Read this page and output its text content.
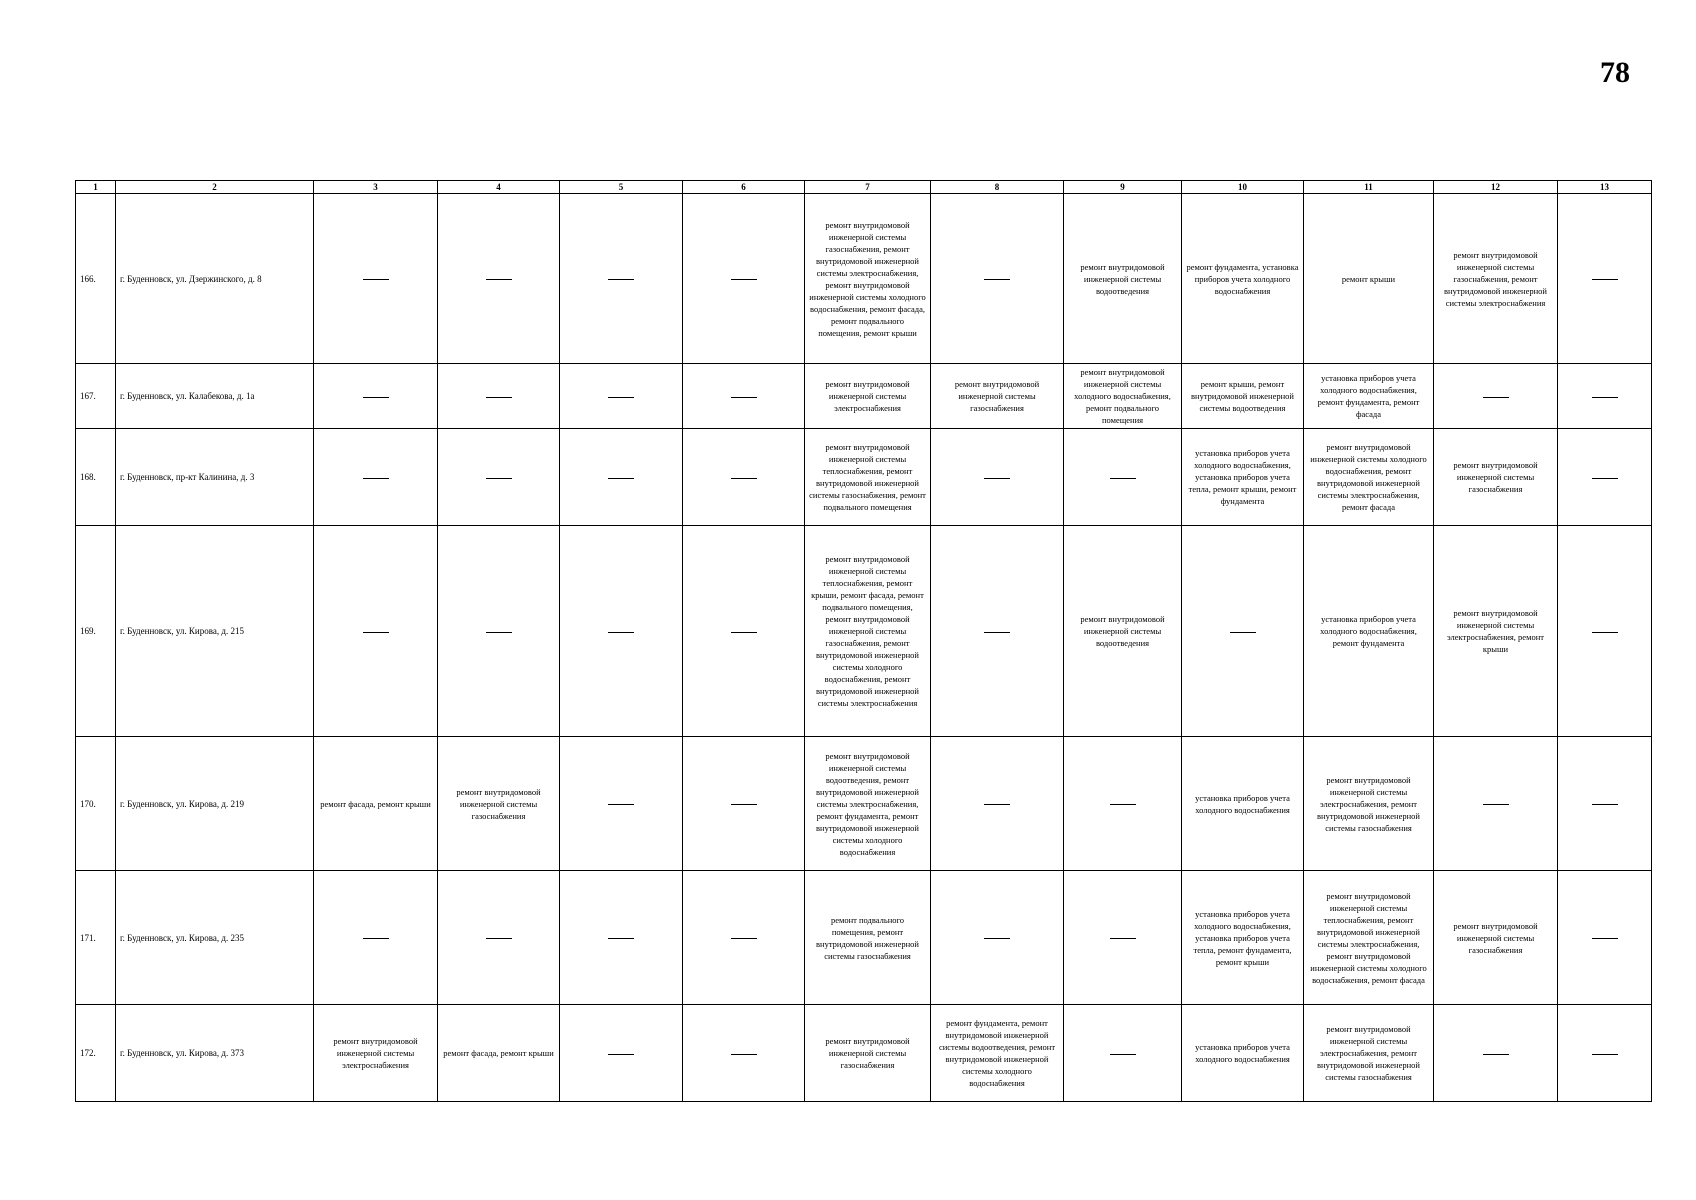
78
1	2	3	4	5	6	7	8	9	10	11	12	13
166.	г. Буденновск, ул. Дзержинского, д. 8					ремонт внутридомовой инженерной системы газоснабжения, ремонт внутридомовой инженерной системы электроснабжения, ремонт внутридомовой инженерной системы холодного водоснабжения, ремонт фасада, ремонт подвального помещения, ремонт крыши		ремонт внутридомовой инженерной системы водоотведения	ремонт фундамента, установка приборов учета холодного водоснабжения	ремонт крыши	ремонт внутридомовой инженерной системы газоснабжения, ремонт внутридомовой инженерной системы электроснабжения	
167.	г. Буденновск, ул. Калабекова, д. 1а					ремонт внутридомовой инженерной системы электроснабжения	ремонт внутридомовой инженерной системы газоснабжения	ремонт внутридомовой инженерной системы холодного водоснабжения, ремонт подвального помещения	ремонт крыши, ремонт внутридомовой инженерной системы водоотведения	установка приборов учета холодного водоснабжения, ремонт фундамента, ремонт фасада		
168.	г. Буденновск, пр-кт Калинина, д. 3					ремонт внутридомовой инженерной системы теплоснабжения, ремонт внутридомовой инженерной системы газоснабжения, ремонт подвального помещения			установка приборов учета холодного водоснабжения, установка приборов учета тепла, ремонт крыши, ремонт фундамента	ремонт внутридомовой инженерной системы холодного водоснабжения, ремонт внутридомовой инженерной системы электроснабжения, ремонт фасада	ремонт внутридомовой инженерной системы газоснабжения	
169.	г. Буденновск, ул. Кирова, д. 215					ремонт внутридомовой инженерной системы теплоснабжения, ремонт крыши, ремонт фасада, ремонт подвального помещения, ремонт внутридомовой инженерной системы газоснабжения, ремонт внутридомовой инженерной системы холодного водоснабжения, ремонт внутридомовой инженерной системы электроснабжения		ремонт внутридомовой инженерной системы водоотведения		установка приборов учета холодного водоснабжения, ремонт фундамента	ремонт внутридомовой инженерной системы электроснабжения, ремонт крыши	
170.	г. Буденновск, ул. Кирова, д. 219	ремонт фасада, ремонт крыши	ремонт внутридомовой инженерной системы газоснабжения			ремонт внутридомовой инженерной системы водоотведения, ремонт внутридомовой инженерной системы электроснабжения, ремонт фундамента, ремонт внутридомовой инженерной системы холодного водоснабжения			установка приборов учета холодного водоснабжения	ремонт внутридомовой инженерной системы электроснабжения, ремонт внутридомовой инженерной системы газоснабжения		
171.	г. Буденновск, ул. Кирова, д. 235					ремонт подвального помещения, ремонт внутридомовой инженерной системы газоснабжения			установка приборов учета холодного водоснабжения, установка приборов учета тепла, ремонт фундамента, ремонт крыши	ремонт внутридомовой инженерной системы теплоснабжения, ремонт внутридомовой инженерной системы электроснабжения, ремонт внутридомовой инженерной системы холодного водоснабжения, ремонт фасада	ремонт внутридомовой инженерной системы газоснабжения	
172.	г. Буденновск, ул. Кирова, д. 373	ремонт внутридомовой инженерной системы электроснабжения	ремонт фасада, ремонт крыши			ремонт внутридомовой инженерной системы газоснабжения	ремонт фундамента, ремонт внутридомовой инженерной системы водоотведения, ремонт внутридомовой инженерной системы холодного водоснабжения		установка приборов учета холодного водоснабжения	ремонт внутридомовой инженерной системы электроснабжения, ремонт внутридомовой инженерной системы газоснабжения		
